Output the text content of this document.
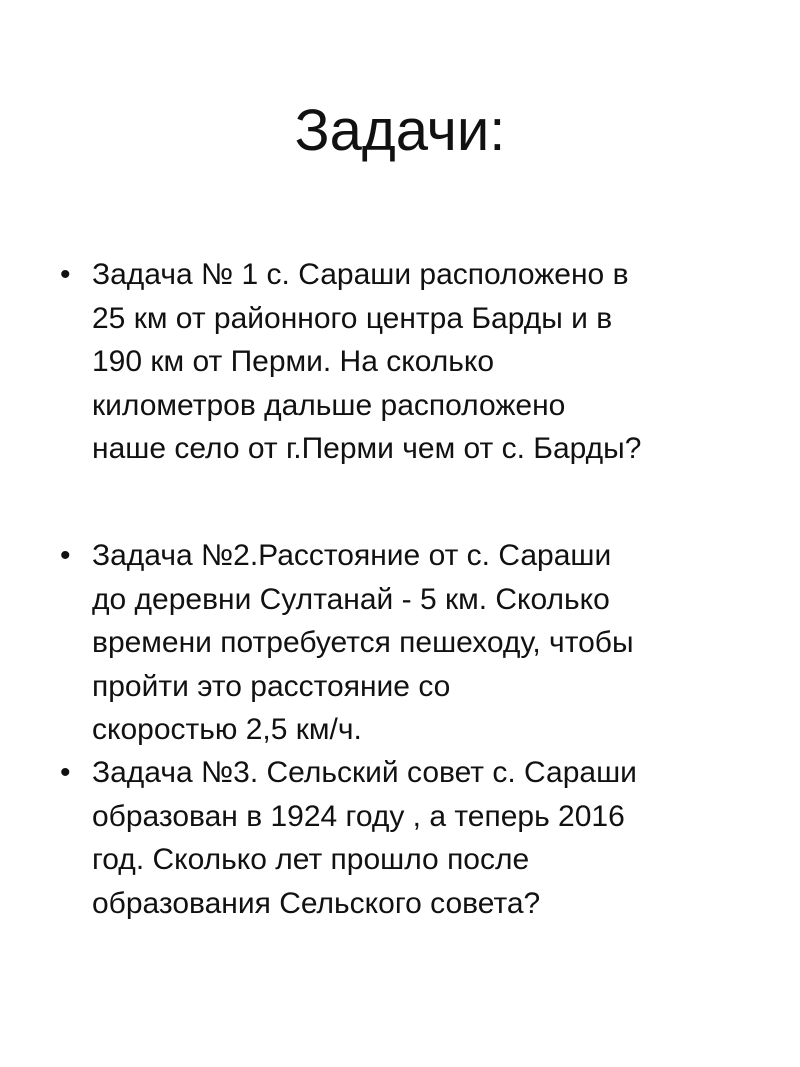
Задачи:
• Задача № 1 с. Сараши расположено в
25 км от районного центра Барды и в
190 км от Перми. На сколько
километров дальше расположено
наше село от г.Перми чем от с. Барды?
• Задача №2.Расстояние от с. Сараши
до деревни Султанай - 5 км. Сколько
времени потребуется пешеходу, чтобы
пройти это расстояние со
скоростью 2,5 км/ч.
• Задача №3. Сельский совет с. Сараши
образован в 1924 году , а теперь 2016
год. Сколько лет прошло после
образования Сельского совета?
